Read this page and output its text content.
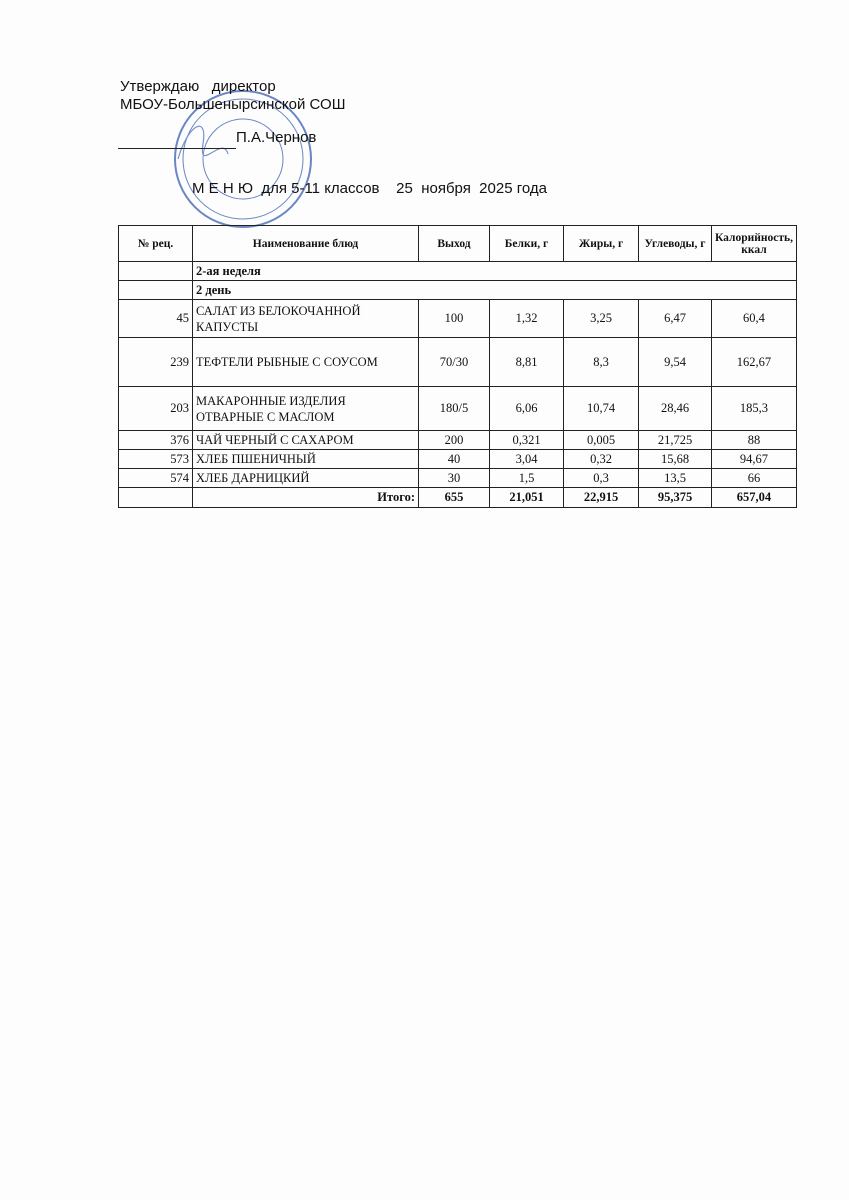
Утверждаю   директор
МБОУ-Большенырсинской СОШ
П.А.Чернов
М Е Н Ю  для 5-11 классов    25  ноября  2025 года
№ рец.	Наименование блюд	Выход	Белки, г	Жиры, г	Углеводы, г	Калорийность, ккал
	2-ая неделя					
	2 день					
45	САЛАТ ИЗ БЕЛОКОЧАННОЙ КАПУСТЫ	100	1,32	3,25	6,47	60,4
239	ТЕФТЕЛИ РЫБНЫЕ С СОУСОМ	70/30	8,81	8,3	9,54	162,67
203	МАКАРОННЫЕ ИЗДЕЛИЯ ОТВАРНЫЕ С МАСЛОМ	180/5	6,06	10,74	28,46	185,3
376	ЧАЙ ЧЕРНЫЙ С САХАРОМ	200	0,321	0,005	21,725	88
573	ХЛЕБ ПШЕНИЧНЫЙ	40	3,04	0,32	15,68	94,67
574	ХЛЕБ ДАРНИЦКИЙ	30	1,5	0,3	13,5	66
	Итого:	655	21,051	22,915	95,375	657,04
